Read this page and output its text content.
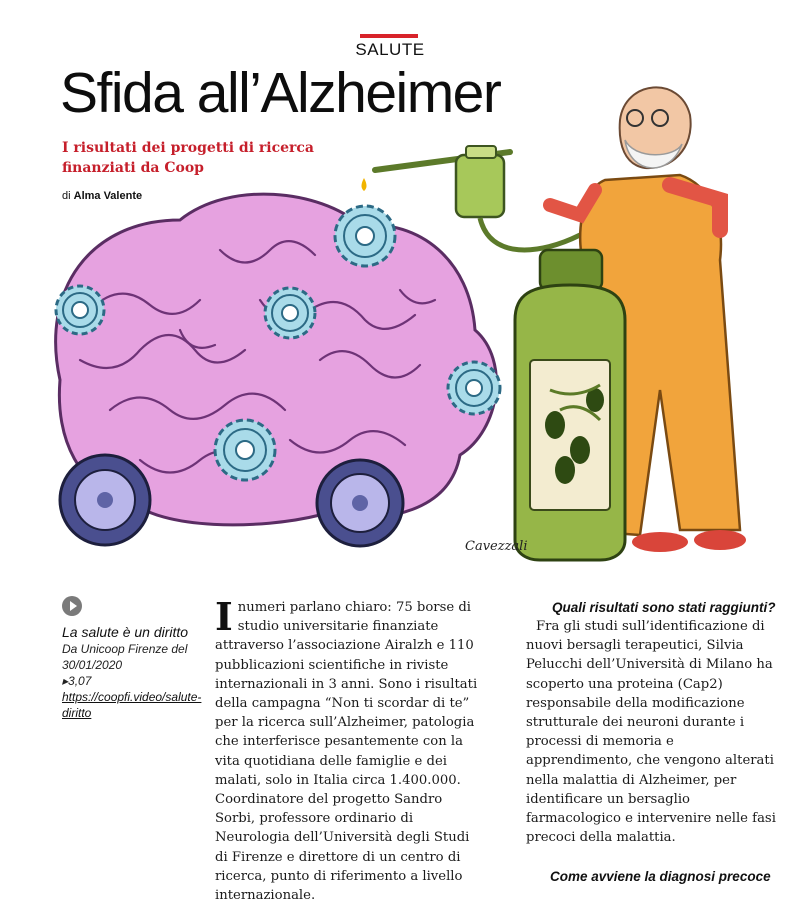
Cavezzali
SALUTE
Sfida all’Alzheimer
I risultati dei progetti di ricerca finanziati da Coop
di Alma Valente
La salute è un diritto
Da Unicoop Firenze del 30/01/2020
▸3,07
https://coopfi.video/salute-diritto
Inumeri parlano chiaro: 75 borse di studio universitarie finanziate attraverso l’associazione Airalzh e 110 pubblicazioni scientifiche in riviste internazionali in 3 anni. Sono i risultati della campagna “Non ti scordar di te” per la ricerca sull’Alzheimer, patologia che interferisce pesantemente con la vita quotidiana delle famiglie e dei malati, solo in Italia circa 1.400.000. Coordinatore del progetto Sandro Sorbi, professore ordinario di Neurologia dell’Università degli Studi di Firenze e direttore di un centro di ricerca, punto di riferimento a livello internazionale.
Quali risultati sono stati raggiunti?

Fra gli studi sull’identificazione di nuovi bersagli terapeutici, Silvia Pelucchi dell’Università di Milano ha scoperto una proteina (Cap2) responsabile della modificazione strutturale dei neuroni durante i processi di memoria e apprendimento, che vengono alterati nella malattia di Alzheimer, per identificare un bersaglio farmacologico e intervenire nelle fasi precoci della malattia.

Come avviene la diagnosi precoce
